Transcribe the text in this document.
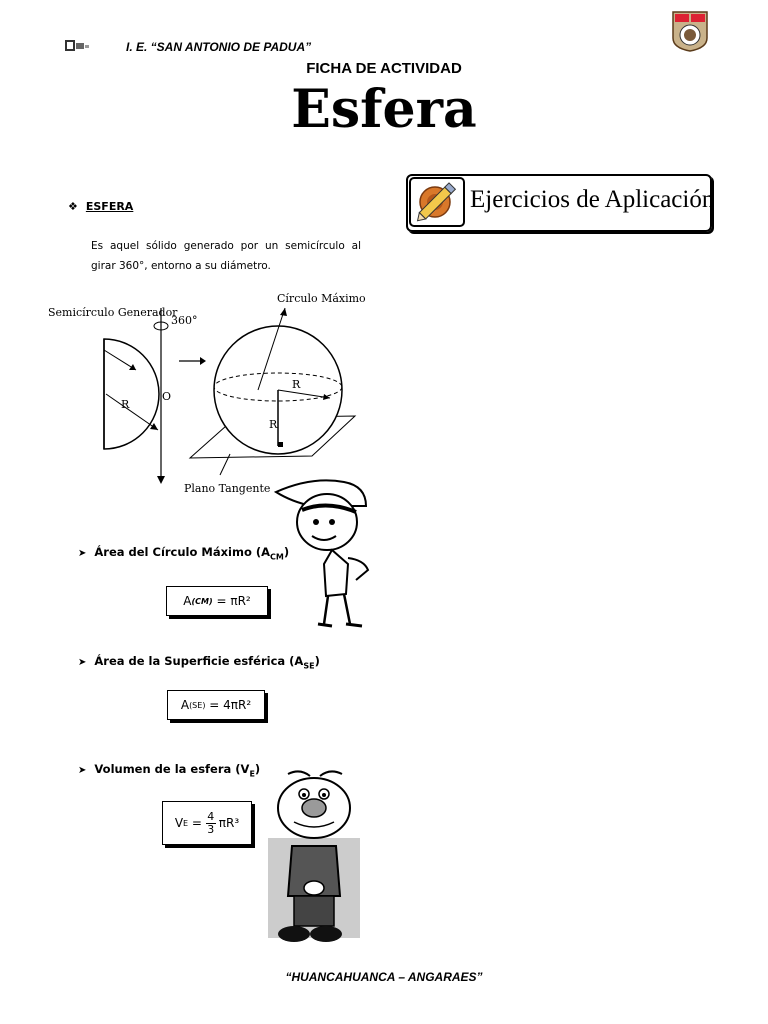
I. E. “SAN ANTONIO DE PADUA”
FICHA DE ACTIVIDAD
Esfera
Ejercicios de Aplicación
❖ ESFERA
Es aquel sólido generado por un semicírculo al girar 360°, entorno a su diámetro.
Semicírculo Generador
360°
Círculo Máximo
R
O
R
R
Plano Tangente
➤ Área del Círculo Máximo $(A_{CM})$
A (CM)
= πR²
➤ Área de la Superficie esférica $(A_{SE})$
A (SE)
= 4πR²
➤ Volumen de la esfera $(V_E)$
V E = 4
3 πR³
“HUANCAHUANCA – ANGARAES”
